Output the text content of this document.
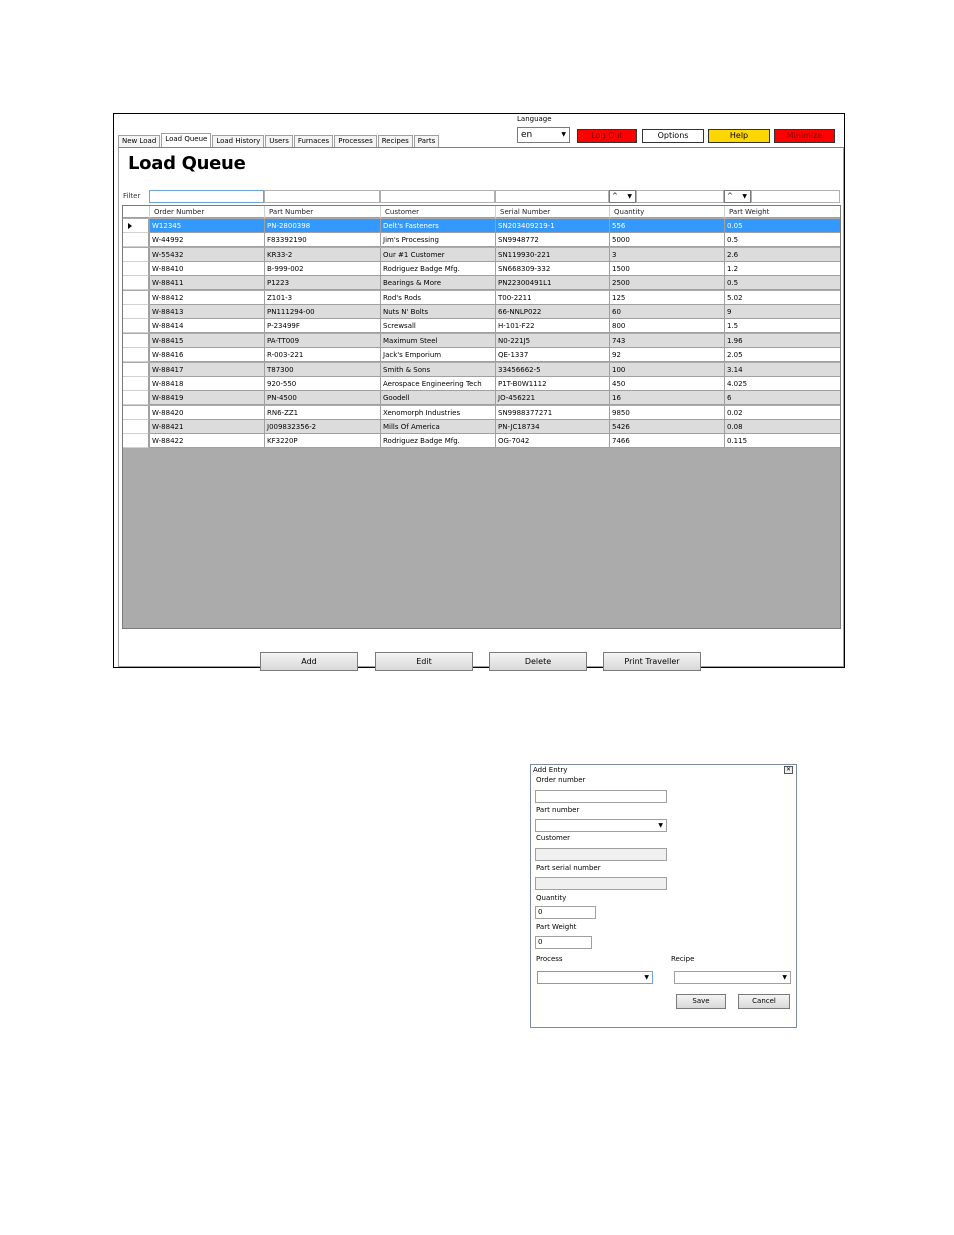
New Load	Load Queue	Load History	Users	Furnaces	Processes	Recipes	Parts
Language
en	▼	Log Out	Options	Help	Minimize
Load Queue
Filter	^ ▼	^ ▼
Order Number	Part Number	Customer	Serial Number	Quantity	Part Weight
W12345	PN-2800398	Delt's Fasteners	SN203409219-1	556	0.05
W-44992	F83392190	Jim's Processing	SN9948772	5000	0.5
W-55432	KR33-2	Our #1 Customer	SN119930-221	3	2.6
W-88410	B-999-002	Rodriguez Badge Mfg.	SN668309-332	1500	1.2
W-88411	P1223	Bearings & More	PN22300491L1	2500	0.5
W-88412	Z101-3	Rod's Rods	T00-2211	125	5.02
W-88413	PN111294-00	Nuts N' Bolts	66-NNLP022	60	9
W-88414	P-23499F	Screwsall	H-101-F22	800	1.5
W-88415	PA-TT009	Maximum Steel	N0-221J5	743	1.96
W-88416	R-003-221	Jack's Emporium	QE-1337	92	2.05
W-88417	T87300	Smith & Sons	33456662-5	100	3.14
W-88418	920-550	Aerospace Engineering Tech	P1T-B0W1112	450	4.025
W-88419	PN-4500	Goodell	JO-456221	16	6
W-88420	RN6-ZZ1	Xenomorph Industries	SN9988377271	9850	0.02
W-88421	J009832356-2	Mills Of America	PN-JC18734	5426	0.08
W-88422	KF3220P	Rodriguez Badge Mfg.	OG-7042	7466	0.115
Add	Edit	Delete	Print Traveller
Add Entry	✕
Order number
Part number
▼
Customer
Part serial number
Quantity
0
Part Weight
0
Process
▼
Recipe
▼
Save	Cancel
